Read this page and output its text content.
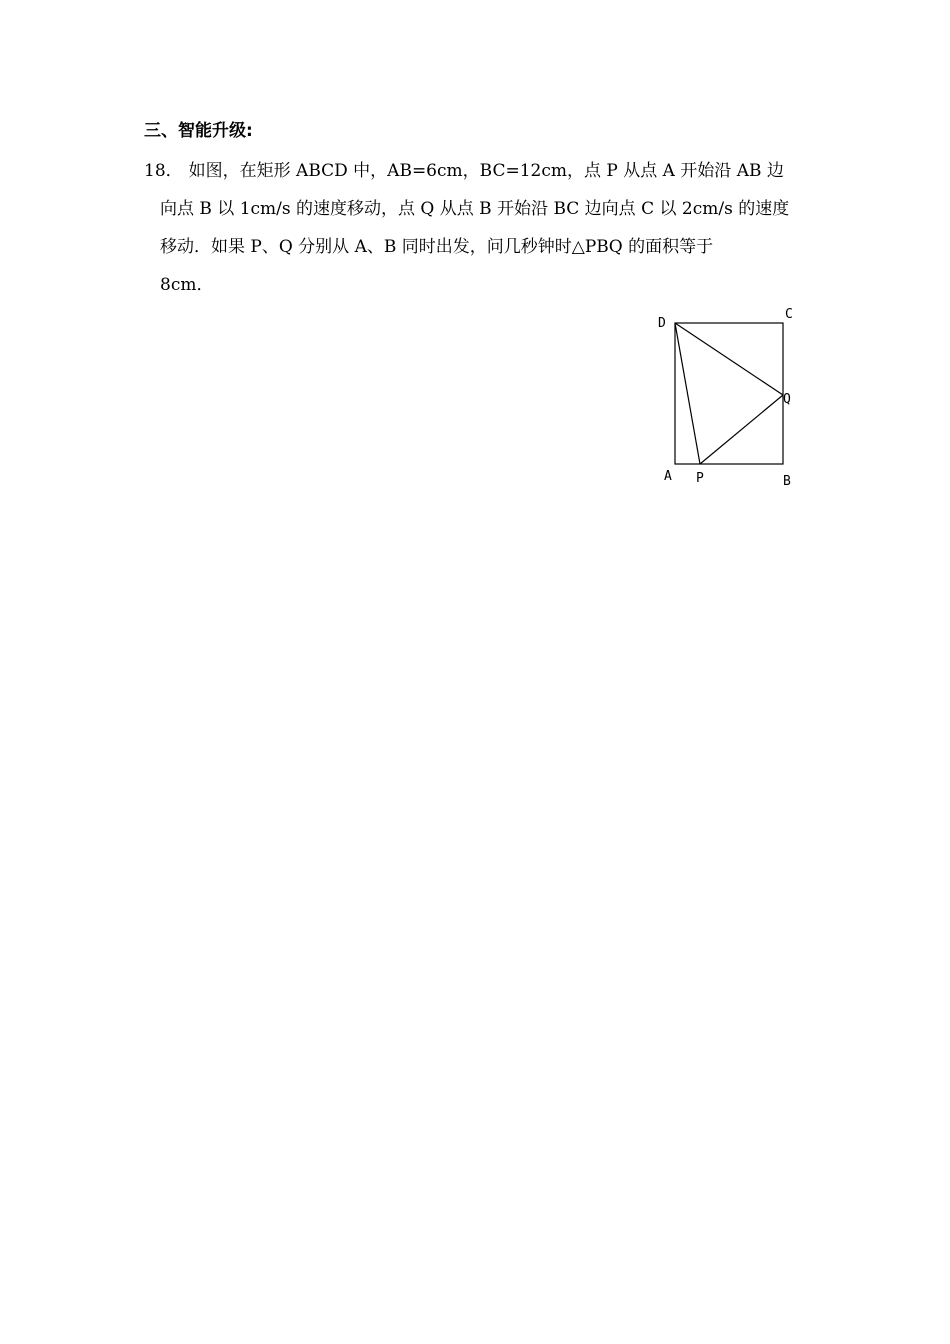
三、智能升级:
18． 如图，在矩形 ABCD 中，AB=6cm，BC=12cm，点 P 从点 A 开始沿 AB 边
向点 B 以 1cm/s 的速度移动，点 Q 从点 B 开始沿 BC 边向点 C 以 2cm/s 的速度
移动．如果 P、Q 分别从 A、B 同时出发，问几秒钟时△PBQ 的面积等于
8cm．
D
C
Q
A P	B
